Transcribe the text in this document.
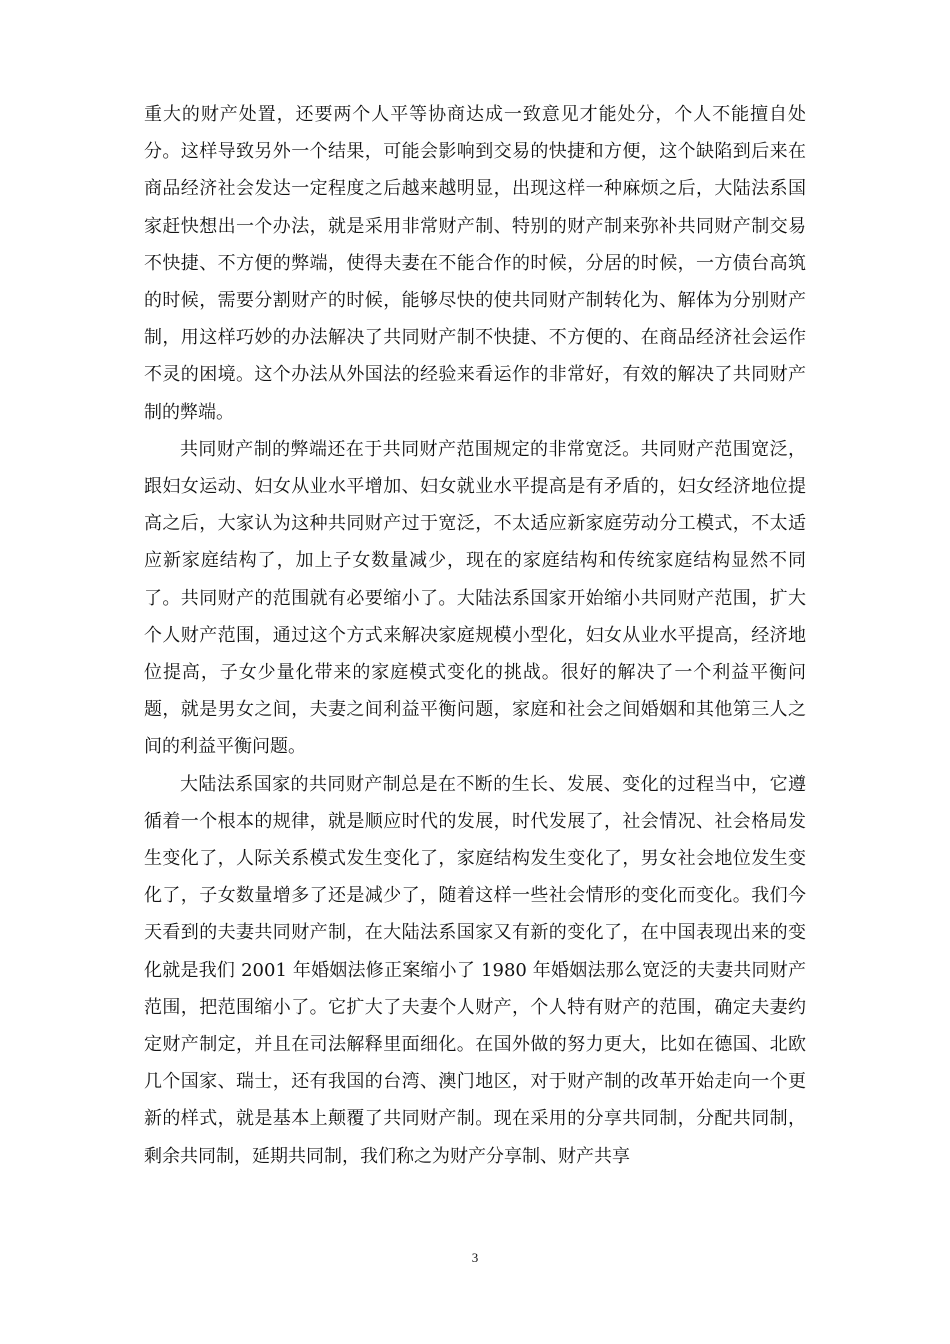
重大的财产处置，还要两个人平等协商达成一致意见才能处分，个人不能擅自处分。这样导致另外一个结果，可能会影响到交易的快捷和方便，这个缺陷到后来在商品经济社会发达一定程度之后越来越明显，出现这样一种麻烦之后，大陆法系国家赶快想出一个办法，就是采用非常财产制、特别的财产制来弥补共同财产制交易不快捷、不方便的弊端，使得夫妻在不能合作的时候，分居的时候，一方债台高筑的时候，需要分割财产的时候，能够尽快的使共同财产制转化为、解体为分别财产制，用这样巧妙的办法解决了共同财产制不快捷、不方便的、在商品经济社会运作不灵的困境。这个办法从外国法的经验来看运作的非常好，有效的解决了共同财产制的弊端。

共同财产制的弊端还在于共同财产范围规定的非常宽泛。共同财产范围宽泛，跟妇女运动、妇女从业水平增加、妇女就业水平提高是有矛盾的，妇女经济地位提高之后，大家认为这种共同财产过于宽泛，不太适应新家庭劳动分工模式，不太适应新家庭结构了，加上子女数量减少，现在的家庭结构和传统家庭结构显然不同了。共同财产的范围就有必要缩小了。大陆法系国家开始缩小共同财产范围，扩大个人财产范围，通过这个方式来解决家庭规模小型化，妇女从业水平提高，经济地位提高，子女少量化带来的家庭模式变化的挑战。很好的解决了一个利益平衡问题，就是男女之间，夫妻之间利益平衡问题，家庭和社会之间婚姻和其他第三人之间的利益平衡问题。

大陆法系国家的共同财产制总是在不断的生长、发展、变化的过程当中，它遵循着一个根本的规律，就是顺应时代的发展，时代发展了，社会情况、社会格局发生变化了，人际关系模式发生变化了，家庭结构发生变化了，男女社会地位发生变化了，子女数量增多了还是减少了，随着这样一些社会情形的变化而变化。我们今天看到的夫妻共同财产制，在大陆法系国家又有新的变化了，在中国表现出来的变化就是我们 2001 年婚姻法修正案缩小了 1980 年婚姻法那么宽泛的夫妻共同财产范围，把范围缩小了。它扩大了夫妻个人财产，个人特有财产的范围，确定夫妻约定财产制定，并且在司法解释里面细化。在国外做的努力更大，比如在德国、北欧几个国家、瑞士，还有我国的台湾、澳门地区，对于财产制的改革开始走向一个更新的样式，就是基本上颠覆了共同财产制。现在采用的分享共同制，分配共同制，剩余共同制，延期共同制，我们称之为财产分享制、财产共享

3
